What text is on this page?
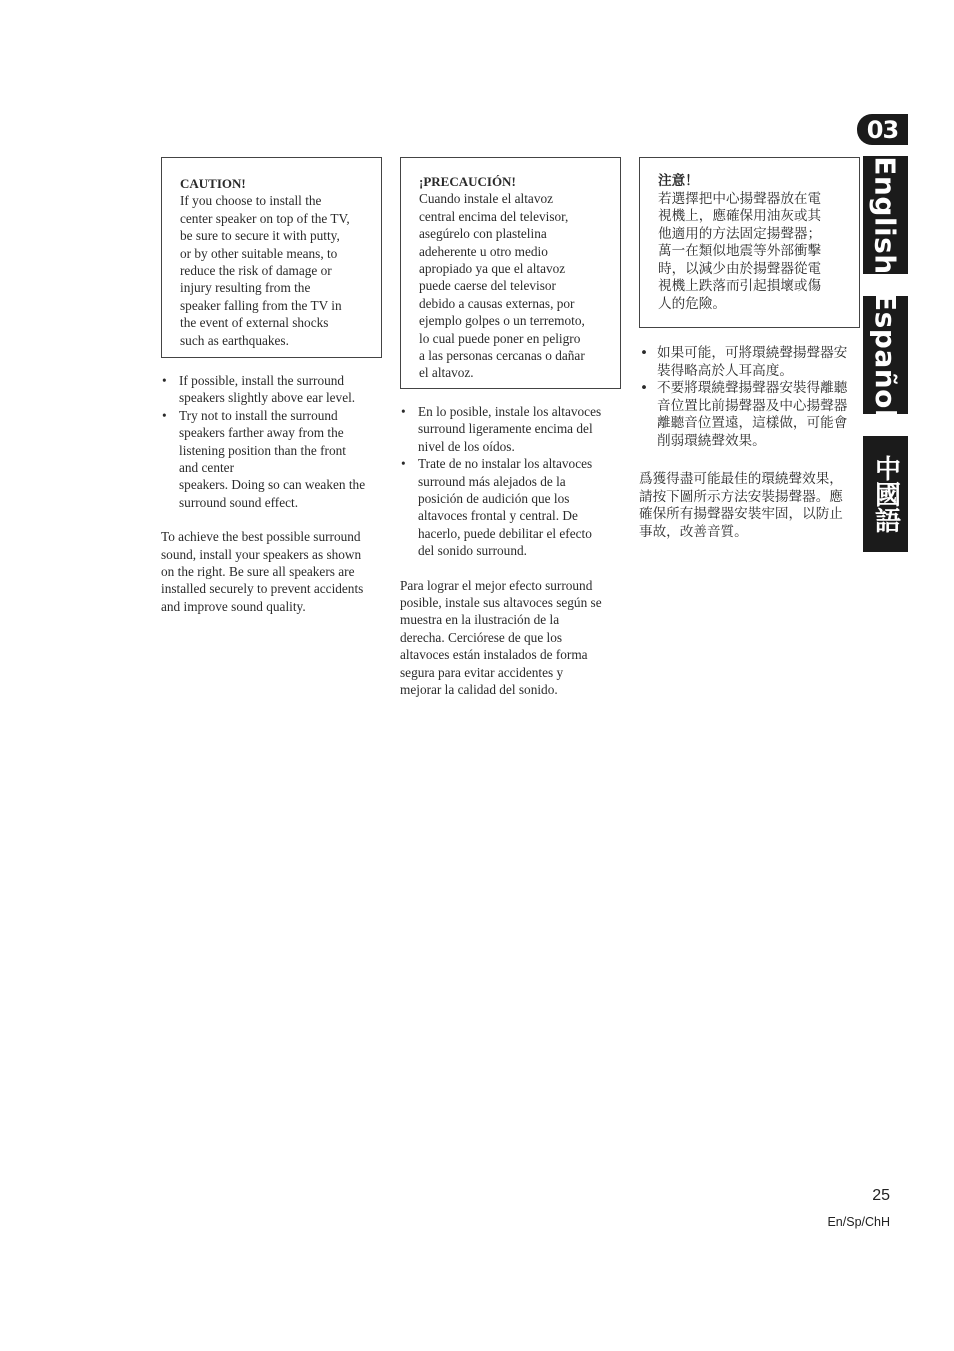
03
English
Español
中國語
CAUTION!
If you choose to install the
center speaker on top of the TV,
be sure to secure it with putty,
or by other suitable means, to
reduce the risk of damage or
injury resulting from the
speaker falling from the TV in
the event of external shocks
such as earthquakes.
• If possible, install the surround
speakers slightly above ear level.
• Try not to install the surround
speakers farther away from the
listening position than the front
and center
speakers. Doing so can weaken the
surround sound effect.
To achieve the best possible surround
sound, install your speakers as shown
on the right. Be sure all speakers are
installed securely to prevent accidents
and improve sound quality.
¡PRECAUCIÓN!
Cuando instale el altavoz
central encima del televisor,
asegúrelo con plastelina
adeherente u otro medio
apropiado ya que el altavoz
puede caerse del televisor
debido a causas externas, por
ejemplo golpes o un terremoto,
lo cual puede poner en peligro
a las personas cercanas o dañar
el altavoz.
• En lo posible, instale los altavoces
surround ligeramente encima del
nivel de los oídos.
• Trate de no instalar los altavoces
surround más alejados de la
posición de audición que los
altavoces frontal y central. De
hacerlo, puede debilitar el efecto
del sonido surround.
Para lograr el mejor efecto surround
posible, instale sus altavoces según se
muestra en la ilustración de la
derecha. Cerciórese de que los
altavoces están instalados de forma
segura para evitar accidentes y
mejorar la calidad del sonido.
注意！
若選擇把中心揚聲器放在電
視機上，應確保用油灰或其
他適用的方法固定揚聲器；
萬一在類似地震等外部衝擊
時，以減少由於揚聲器從電
視機上跌落而引起損壞或傷
人的危險。
• 如果可能，可將環繞聲揚聲器安
裝得略高於人耳高度。
• 不要將環繞聲揚聲器安裝得離聽
音位置比前揚聲器及中心揚聲器
離聽音位置遠，這樣做，可能會
削弱環繞聲效果。
爲獲得盡可能最佳的環繞聲效果，
請按下圖所示方法安裝揚聲器。應
確保所有揚聲器安裝牢固，以防止
事故，改善音質。
25
En/Sp/ChH
